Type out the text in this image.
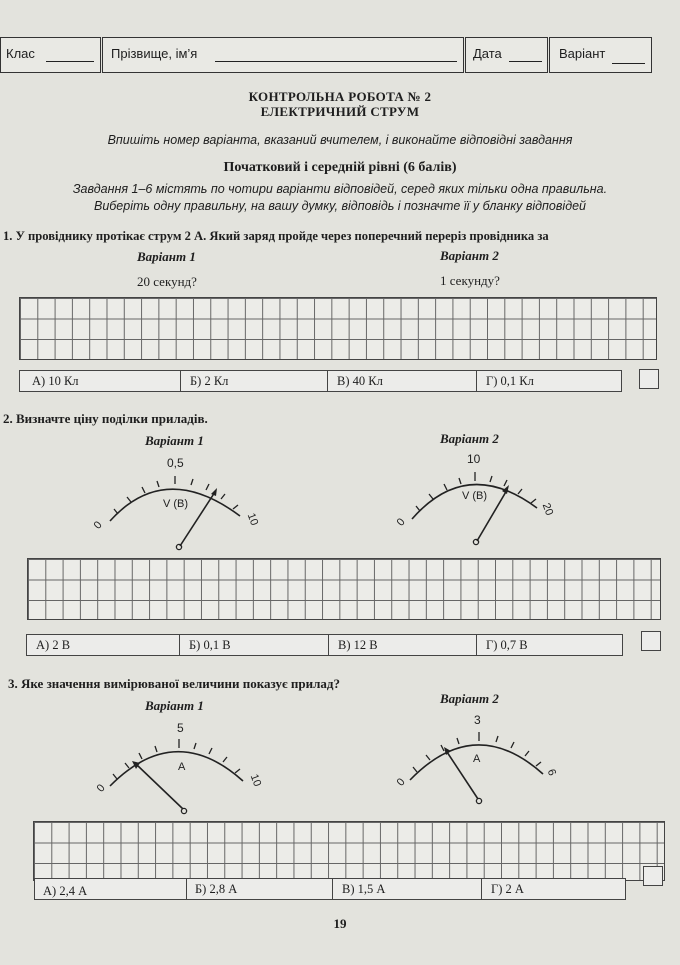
Клас	Прізвище, ім’я	Дата	Варіант
КОНТРОЛЬНА РОБОТА № 2
ЕЛЕКТРИЧНИЙ СТРУМ
Впишіть номер варіанта, вказаний вчителем, і виконайте відповідні завдання
Початковий і середній рівні (6 балів)
Завдання 1–6 містять по чотири варіанти відповідей, серед яких тільки одна правильна.
Виберіть одну правильну, на вашу думку, відповідь і позначте її у бланку відповідей
1. У провіднику протікає струм 2 А. Який заряд пройде через поперечний переріз провідника за
Варіант 1	Варіант 2
20 секунд?	1 секунду?
А) 10 Кл	Б) 2 Кл	В) 40 Кл	Г) 0,1 Кл
2. Визначте ціну поділки приладів.
Варіант 1	Варіант 2
0,5
V (B)
0	10
10
V (B)
0
20
А) 2 В	Б) 0,1 В	В) 12 В	Г) 0,7 В
3. Яке значення вимірюваної величини показує прилад?
Варіант 1	Варіант 2
5
A
0
10
3
A
0
6
А) 2,4 А	Б) 2,8 А	В) 1,5 А	Г) 2 А
19
